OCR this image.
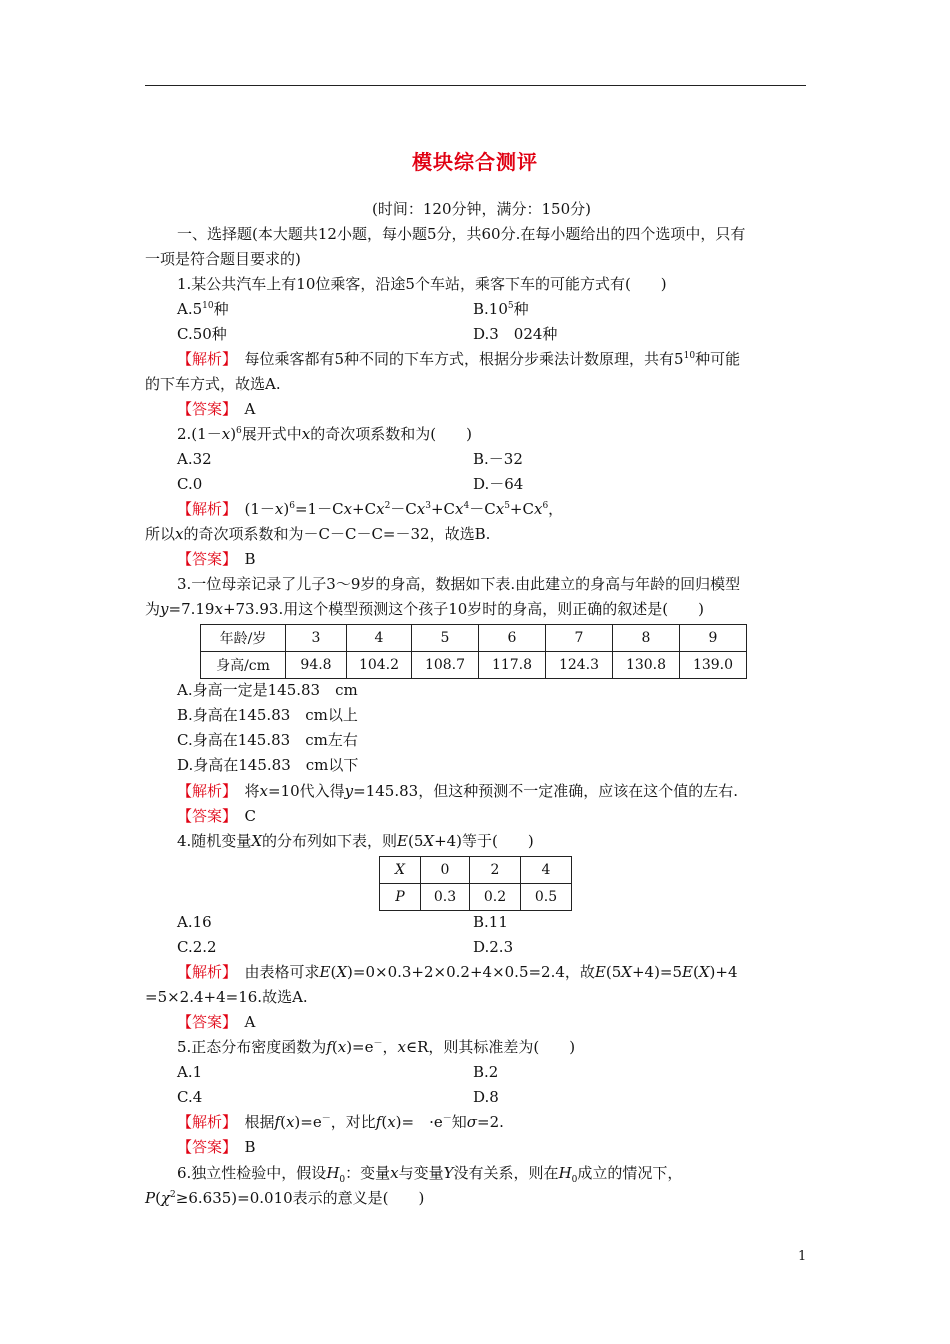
模块综合测评
(时间：120分钟，满分：150分)
一、选择题(本大题共12小题，每小题5分，共60分.在每小题给出的四个选项中，只有
一项是符合题目要求的)
1.某公共汽车上有10位乘客，沿途5个车站，乘客下车的可能方式有(　　)
$A.5^{10}$种	$B.10^5$种
C.50种	D.3　024种
【解析】　每位乘客都有5种不同的下车方式，根据分步乘法计数原理，共有$5^{10}$种可能
的下车方式，故选A.
【答案】　A
$2.(1-x)^6$展开式中x的奇次项系数和为(　　)
A.32	B.－32
C.0	D.－64
【解析】　$(1-x)^6=1-Cx+Cx^2-Cx^3+Cx^4-Cx^5+Cx^6$，
所以x的奇次项系数和为－C－C－C=－32，故选B.
【答案】　B
3.一位母亲记录了儿子3～9岁的身高，数据如下表.由此建立的身高与年龄的回归模型
为y=7.19x+73.93.用这个模型预测这个孩子10岁时的身高，则正确的叙述是(　　)
年龄/岁	3	4	5	6	7	8	9
身高/cm	94.8	104.2	108.7	117.8	124.3	130.8	139.0
A.身高一定是145.83　cm
B.身高在145.83　cm以上
C.身高在145.83　cm左右
D.身高在145.83　cm以下
【解析】　将x=10代入得y=145.83，但这种预测不一定准确，应该在这个值的左右.
【答案】　C
4.随机变量X的分布列如下表，则E(5X+4)等于(　　)
X	0	2	4
P	0.3	0.2	0.5
A.16	B.11
C.2.2	D.2.3
【解析】　由表格可求E(X)=0×0.3+2×0.2+4×0.5=2.4，故E(5X+4)=5E(X)+4
=5×2.4+4=16.故选A.
【答案】　A
5.正态分布密度函数为f(x)=e－，x∈R，则其标准差为(　　)
A.1	B.2
C.4	D.8
【解析】　根据f(x)=e－，对比f(x)=　·e－知σ=2.
【答案】　B
6.独立性检验中，假设$H_0$：变量x与变量Y没有关系，则在$H_0$成立的情况下，
$P(\chi^2\ge 6.635)=0.010$表示的意义是(　　)
1
